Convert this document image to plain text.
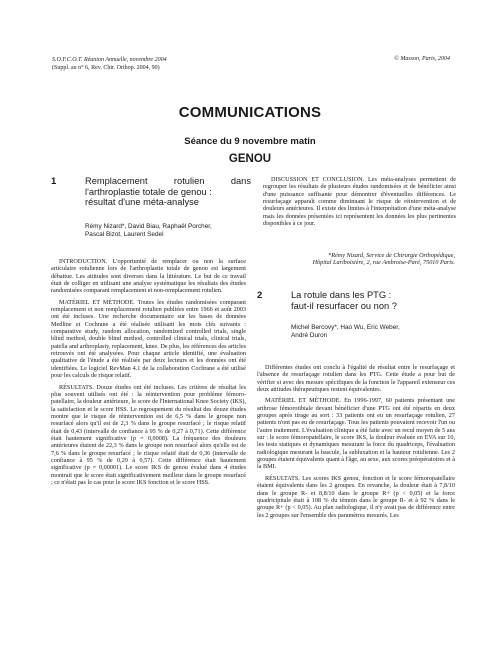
S.O.F.C.O.T. Réunion Annuelle, novembre 2004
(Suppl. au n° 6, Rev. Chir. Orthop. 2004, 90)
© Masson, Paris, 2004
COMMUNICATIONS
Séance du 9 novembre matin
GENOU
1	Remplacement rotulien dans
l'arthroplastie totale de genou :
résultat d'une méta-analyse
Rémy Nizard*, David Biau, Raphaël Porcher,
Pascal Bizot, Laurent Sedel

INTRODUCTION. L'opportunité de remplacer ou non la surface articulaire rotulienne lors de l'arthroplastie totale de genou est largement débattue. Les attitudes sont diverses dans la littérature. Le but de ce travail était de colliger en utilisant une analyse systématique les résultats des études randomisées comparant remplacement et non-remplacement rotulien.

MATÉRIEL ET MÉTHODE. Toutes les études randomisées comparant remplacement et non remplacement rotulien publiées entre 1966 et août 2003 ont été incluses. Une recherche documentaire sur les bases de données Medline et Cochrane a été réalisée utilisant les mots clés suivants : comparative study, random allocation, randomized controlled trials, single blind method, double blind method, controlled clinical trials, clinical trials, patella and arthroplasty, replacement, knee. De plus, les références des articles retrouvés ont été analysées. Pour chaque article identifié, une évaluation qualitative de l'étude a été réalisée par deux lecteurs et les données ont été identifiées. Le logiciel RevMan 4.1 de la collaboration Cochrane a été utilisé pour les calculs de risque relatif.

RÉSULTATS. Douze études ont été incluses. Les critères de résultat les plus souvent utilisés ont été : la réintervention pour problème fémoro-patellaire, la douleur antérieure, le score de l'International Knee Society (IKS), la satisfaction et le score HSS. Le regroupement du résultat des douze études montre que le risque de réintervention est de 6,5 % dans le groupe non resurfacé alors qu'il est de 2,3 % dans le groupe resurfacé ; le risque relatif était de 0,43 (intervalle de confiance à 95 % de 0,27 à 0,71). Cette différence était hautement significative (p = 0,0008). La fréquence des douleurs antérieures étaient de 22,3 % dans le groupe non resurfacé alors qu'elle est de 7,6 % dans le groupe resurfacé ; le risque relatif était de 0,36 (intervalle de confiance à 95 % de 0,29 à 0,57). Cette différence était hautement significative (p = 0,00001). Le score IKS de genou évalué dans 4 études montrait que le score était significativement meilleur dans le groupe resurfacé ; ce n'était pas le cas pour le score IKS fonction et le score HSS.

DISCUSSION ET CONCLUSION. Les méta-analyses permettent de regrouper les résultats de plusieurs études randomisées et de bénéficier ainsi d'une puissance suffisante pour démontrer d'éventuelles différences. Le resurfaçage apparaît comme diminuant le risque de réintervention et de douleurs antérieures. Il existe des limites à l'interprétation d'une méta-analyse mais les données présentées ici représentent les données les plus pertinentes disponibles à ce jour.

*Rémy Nizard, Service de Chirurgie Orthopédique,
Hôpital Lariboisière, 2, rue Ambroise-Paré, 75010 Paris.
2	La rotule dans les PTG :
faut-il resurfacer ou non ?
Michel Bercovy*, Hao Wu, Eric Weber,
André Duron

Différentes études ont conclu à l'égalité de résultat entre le resurfaçage et l'absence de resurfaçage rotulien dans les PTG. Cette étude a pour but de vérifier si avec des mesure spécifiques de la fonction le l'appareil extenseur ces deux attitudes thérapeutiques restent équivalentes.

MATÉRIEL ET MÉTHODE. En 1996-1997, 60 patients présentant une arthrose fémorotibiale devant bénéficier d'une PTG ont été répartis en deux groupes après tirage au sort : 33 patients ont eu un resurfaçage rotulien, 27 patients n'ont pas eu de resurfaçage. Tous les patients pouvaient recevoir l'un ou l'autre traitement. L'évaluation clinique a été faite avec un recul moyen de 5 ans sur : le score fémoropatellaire, le score IKS, la douleur évaluée en EVA sur 10, les tests statiques et dynamiques mesurant la force du quadriceps, l'évaluation radiologique mesurant la bascule, la subluxation et la hauteur rotulienne. Les 2 groupes étaient équivalents quant à l'âge, au sexe, aux scores préopératoires et à la BMI.

RÉSULTATS. Les scores IKS genou, fonction et le score fémoropatellaire étaient équivalents dans les 2 groupes. En revanche, la douleur était à 7,8/10 dans le groupe R- et 8,8/10 dans le groupe R+ (p < 0,05) et la force quadricipitale était à 108 % du témoin dans le groupe R- et à 92 % dans le groupe R+ (p < 0,05). Au plan radiologique, il n'y avait pas de différence entre les 2 groupes sur l'ensemble des paramètres mesurés. Les
